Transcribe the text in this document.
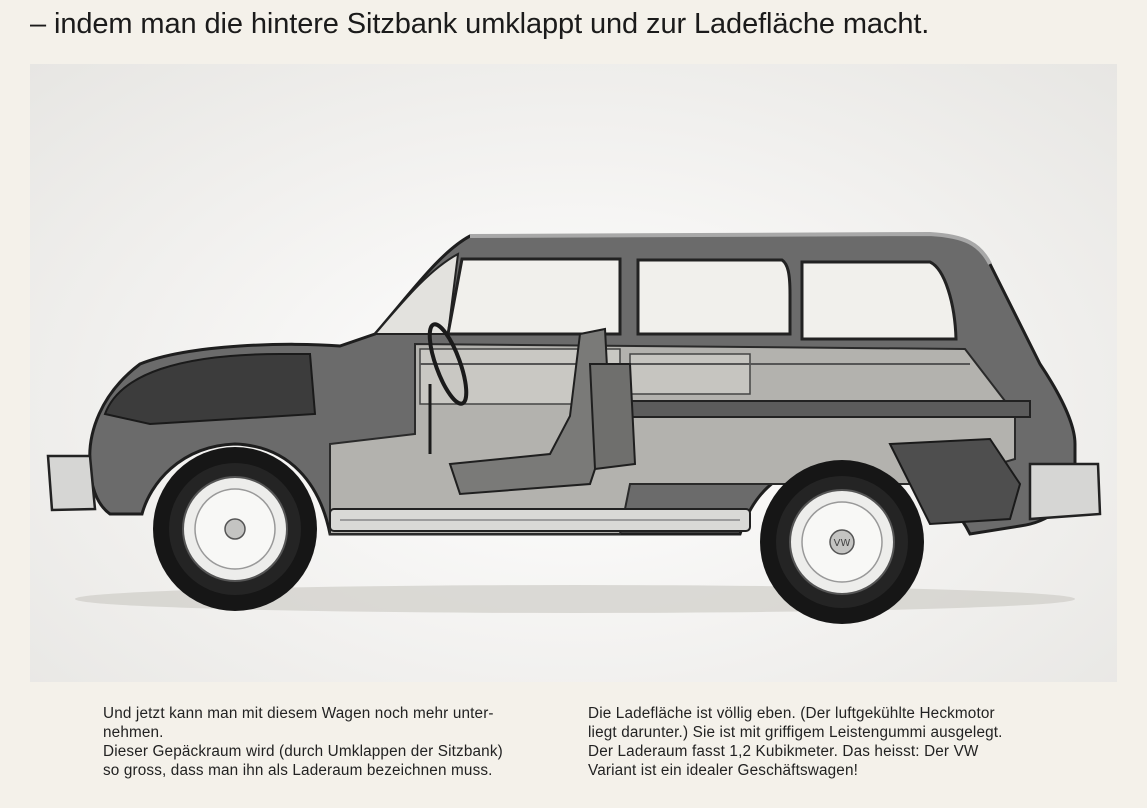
– indem man die hintere Sitzbank umklappt und zur Ladefläche macht.
VW

Und jetzt kann man mit diesem Wagen noch mehr unter-

nehmen.

Dieser Gepäckraum wird (durch Umklappen der Sitzbank)

so gross, dass man ihn als Laderaum bezeichnen muss.

Die Ladefläche ist völlig eben. (Der luftgekühlte Heckmotor

liegt darunter.) Sie ist mit griffigem Leistengummi ausgelegt.

Der Laderaum fasst 1,2 Kubikmeter. Das heisst: Der VW

Variant ist ein idealer Geschäftswagen!
